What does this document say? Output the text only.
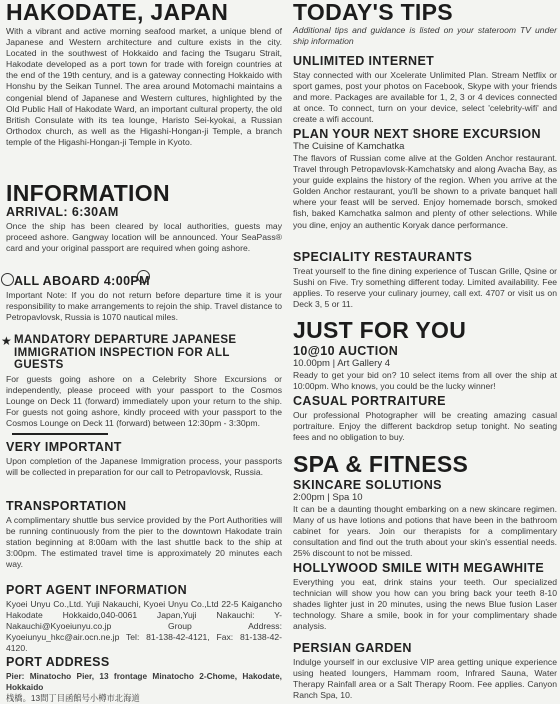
HAKODATE, JAPAN

With a vibrant and active morning seafood market, a unique blend of Japanese and Western architecture and culture exists in the city. Located in the southwest of Hokkaido and facing the Tsugaru Strait, Hakodate developed as a port town for trade with foreign countries at the end of the 19th century, and is a gateway connecting Hokkaido with Honshu by the Seikan Tunnel. The area around Motomachi maintains a congenial blend of Japanese and Western cultures, highlighted by the Old Public Hall of Hakodate Ward, an important cultural property, the old British Consulate with its tea lounge, Haristo Sei-kyokai, a Russian Orthodox church, as well as the Higashi-Hongan-ji Temple, a branch temple of the Higashi-Hongan-ji Temple in Kyoto.

INFORMATION
ARRIVAL: 6:30AM

Once the ship has been cleared by local authorities, guests may proceed ashore. Gangway location will be announced. Your SeaPass® card and your original passport are required when going ashore.

ALL ABOARD 4:00PM

Important Note: If you do not return before departure time it is your responsibility to make arrangements to rejoin the ship. Travel distance to Petropavlovsk, Russia is 1070 nautical miles.

★ MANDATORY DEPARTURE JAPANESE IMMIGRATION INSPECTION FOR ALL GUESTS

For guests going ashore on a Celebrity Shore Excursions or independently, please proceed with your passport to the Cosmos Lounge on Deck 11 (forward) immediately upon your return to the ship. For guests not going ashore, kindly proceed with your passport to the Cosmos Lounge on Deck 11 (forward) between 12:30pm - 3:30pm.

VERY IMPORTANT

Upon completion of the Japanese Immigration process, your passports will be collected in preparation for our call to Petropavlovsk, Russia.

TRANSPORTATION

A complimentary shuttle bus service provided by the Port Authorities will be running continuously from the pier to the downtown Hakodate train station beginning at 8:00am with the last shuttle back to the ship at 3:00pm. The estimated travel time is approximately 20 minutes each way.

PORT AGENT INFORMATION

Kyoei Unyu Co.,Ltd. Yuji Nakauchi, Kyoei Unyu Co.,Ltd 22-5 Kaigancho Hakodate Hokkaido,040-0061 Japan,Yuji Nakauchi: Y-Nakauchi@Kyoeiunyu.co.jp Group Address: Kyoeiunyu_hkc@air.ocn.ne.jp Tel: 81-138-42-4121, Fax: 81-138-42-4120.

PORT ADDRESS

Pier: Minatocho Pier, 13 frontage Minatocho 2-Chome, Hakodate, Hokkaido

桟橋。13間丁目函館号小樽市北海道

TODAY'S TIPS

Additional tips and guidance is listed on your stateroom TV under ship information

UNLIMITED INTERNET

Stay connected with our Xcelerate Unlimited Plan. Stream Netflix or sport games, post your photos on Facebook, Skype with your friends and more. Packages are available for 1, 2, 3 or 4 devices connected at once. To connect, turn on your device, select 'celebrity-wifi' and create a wifi account.

PLAN YOUR NEXT SHORE EXCURSION

The Cuisine of Kamchatka

The flavors of Russian come alive at the Golden Anchor restaurant. Travel through Petropavlovsk-Kamchatsky and along Avacha Bay, as your guide explains the history of the region. When you arrive at the Golden Anchor restaurant, you'll be shown to a private banquet hall where your feast will be served. Enjoy homemade borsch, smoked fish, baked Kamchatka salmon and plenty of other selections. While you dine, enjoy an authentic Koryak dance performance.

SPECIALITY RESTAURANTS

Treat yourself to the fine dining experience of Tuscan Grille, Qsine or Sushi on Five. Try something different today. Limited availability. Fee applies. To reserve your culinary journey, call ext. 4707 or visit us on Deck 3, 5 or 11.

JUST FOR YOU
10@10 AUCTION

10.00pm | Art Gallery 4

Ready to get your bid on? 10 select items from all over the ship at 10:00pm. Who knows, you could be the lucky winner!

CASUAL PORTRAITURE

Our professional Photographer will be creating amazing casual portraiture. Enjoy the different backdrop setup tonight. No seating fees and no obligation to buy.

SPA & FITNESS
SKINCARE SOLUTIONS

2:00pm | Spa 10

It can be a daunting thought embarking on a new skincare regimen. Many of us have lotions and potions that have been in the bathroom cabinet for years. Join our therapists for a complimentary consultation and find out the truth about your skin's essential needs. 25% discount to not be missed.

HOLLYWOOD SMILE WITH MEGAWHITE

Everything you eat, drink stains your teeth. Our specialized technician will show you how can you bring back your teeth 8-10 shades lighter just in 20 minutes, using the news Blue fusion Laser technology. Share a smile, book in for your complimentary shade analysis.

PERSIAN GARDEN

Indulge yourself in our exclusive VIP area getting unique experience using heated loungers, Hammam room, Infrared Sauna, Water Therapy Rainfall area or a Salt Therapy Room. Fee applies. Canyon Ranch Spa, 10.
